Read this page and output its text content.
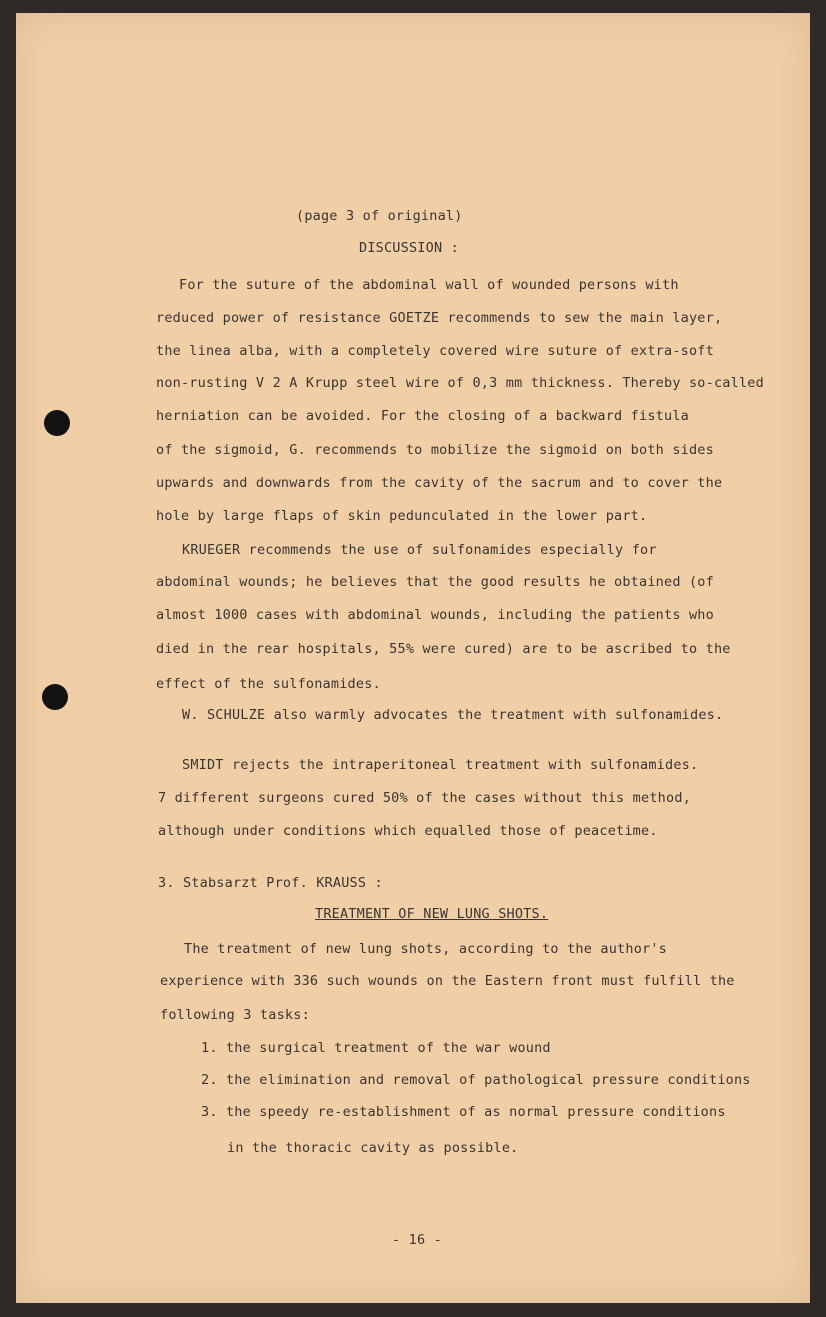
(page 3 of original)
DISCUSSION :
For the suture of the abdominal wall of wounded persons with
reduced power of resistance GOETZE recommends to sew the main layer,
the linea alba, with a completely covered wire suture of extra-soft
non-rusting V 2 A Krupp steel wire of 0,3 mm thickness. Thereby so-called
herniation can be avoided. For the closing of a backward fistula
of the sigmoid, G. recommends to mobilize the sigmoid on both sides
upwards and downwards from the cavity of the sacrum and to cover the
hole by large flaps of skin pedunculated in the lower part.
KRUEGER recommends the use of sulfonamides especially for
abdominal wounds; he believes that the good results he obtained (of
almost 1000 cases with abdominal wounds, including the patients who
died in the rear hospitals, 55% were cured) are to be ascribed to the
effect of the sulfonamides.
W. SCHULZE also warmly advocates the treatment with sulfonamides.
SMIDT rejects the intraperitoneal treatment with sulfonamides.
7 different surgeons cured 50% of the cases without this method,
although under conditions which equalled those of peacetime.
3. Stabsarzt Prof. KRAUSS :
TREATMENT OF NEW LUNG SHOTS.
The treatment of new lung shots, according to the author's
experience with 336 such wounds on the Eastern front must fulfill the
following 3 tasks:
1. the surgical treatment of the war wound
2. the elimination and removal of pathological pressure conditions
3. the speedy re-establishment of as normal pressure conditions
in the thoracic cavity as possible.
- 16 -
